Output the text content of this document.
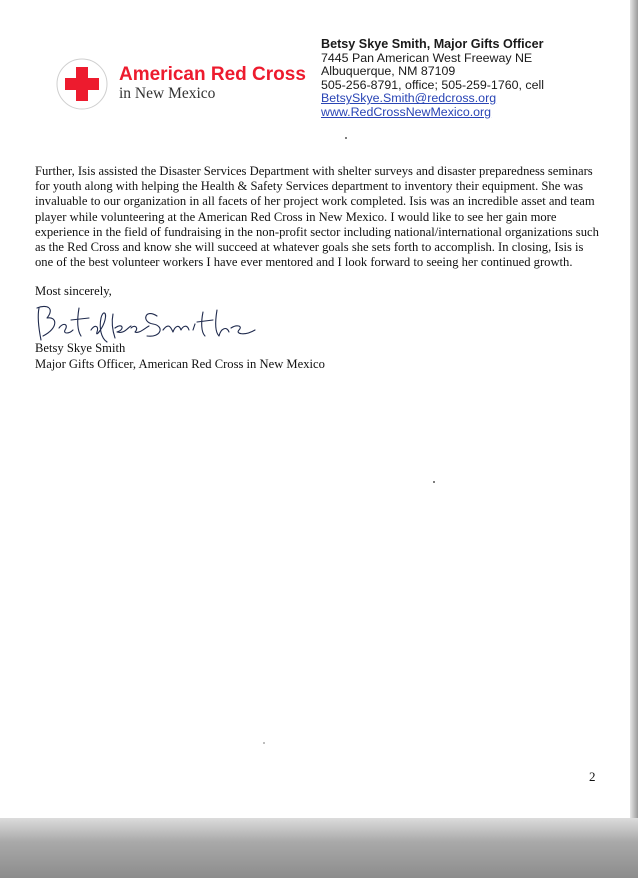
American Red Cross
in New Mexico
Betsy Skye Smith, Major Gifts Officer
7445 Pan American West Freeway NE
Albuquerque, NM 87109
505-256-8791, office; 505-259-1760, cell
BetsySkye.Smith@redcross.org
www.RedCrossNewMexico.org
Further, Isis assisted the Disaster Services Department with shelter surveys and disaster preparedness seminars
for youth along with helping the Health & Safety Services department to inventory their equipment. She was
invaluable to our organization in all facets of her project work completed. Isis was an incredible asset and team
player while volunteering at the American Red Cross in New Mexico. I would like to see her gain more
experience in the field of fundraising in the non-profit sector including national/international organizations such
as the Red Cross and know she will succeed at whatever goals she sets forth to accomplish. In closing, Isis is
one of the best volunteer workers I have ever mentored and I look forward to seeing her continued growth.
Most sincerely,
Betsy Skye Smith
Major Gifts Officer, American Red Cross in New Mexico
2
